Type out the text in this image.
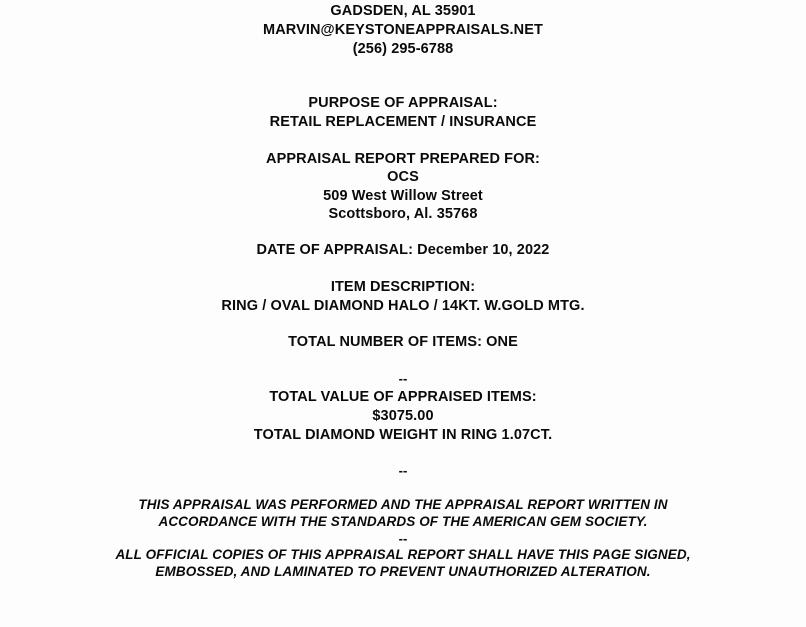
GADSDEN, AL 35901
MARVIN@KEYSTONEAPPRAISALS.NET
(256) 295-6788
PURPOSE OF APPRAISAL:
RETAIL REPLACEMENT / INSURANCE
APPRAISAL REPORT PREPARED FOR:
OCS
509 West Willow Street
Scottsboro, Al. 35768
DATE OF APPRAISAL: December 10, 2022
ITEM DESCRIPTION:
RING / OVAL DIAMOND HALO / 14KT. W.GOLD MTG.
TOTAL NUMBER OF ITEMS: ONE
--
TOTAL VALUE OF APPRAISED ITEMS:
$3075.00
TOTAL DIAMOND WEIGHT IN RING 1.07CT.
--
THIS APPRAISAL WAS PERFORMED AND THE APPRAISAL REPORT WRITTEN IN
ACCORDANCE WITH THE STANDARDS OF THE AMERICAN GEM SOCIETY.
--
ALL OFFICIAL COPIES OF THIS APPRAISAL REPORT SHALL HAVE THIS PAGE SIGNED,
EMBOSSED, AND LAMINATED TO PREVENT UNAUTHORIZED ALTERATION.
